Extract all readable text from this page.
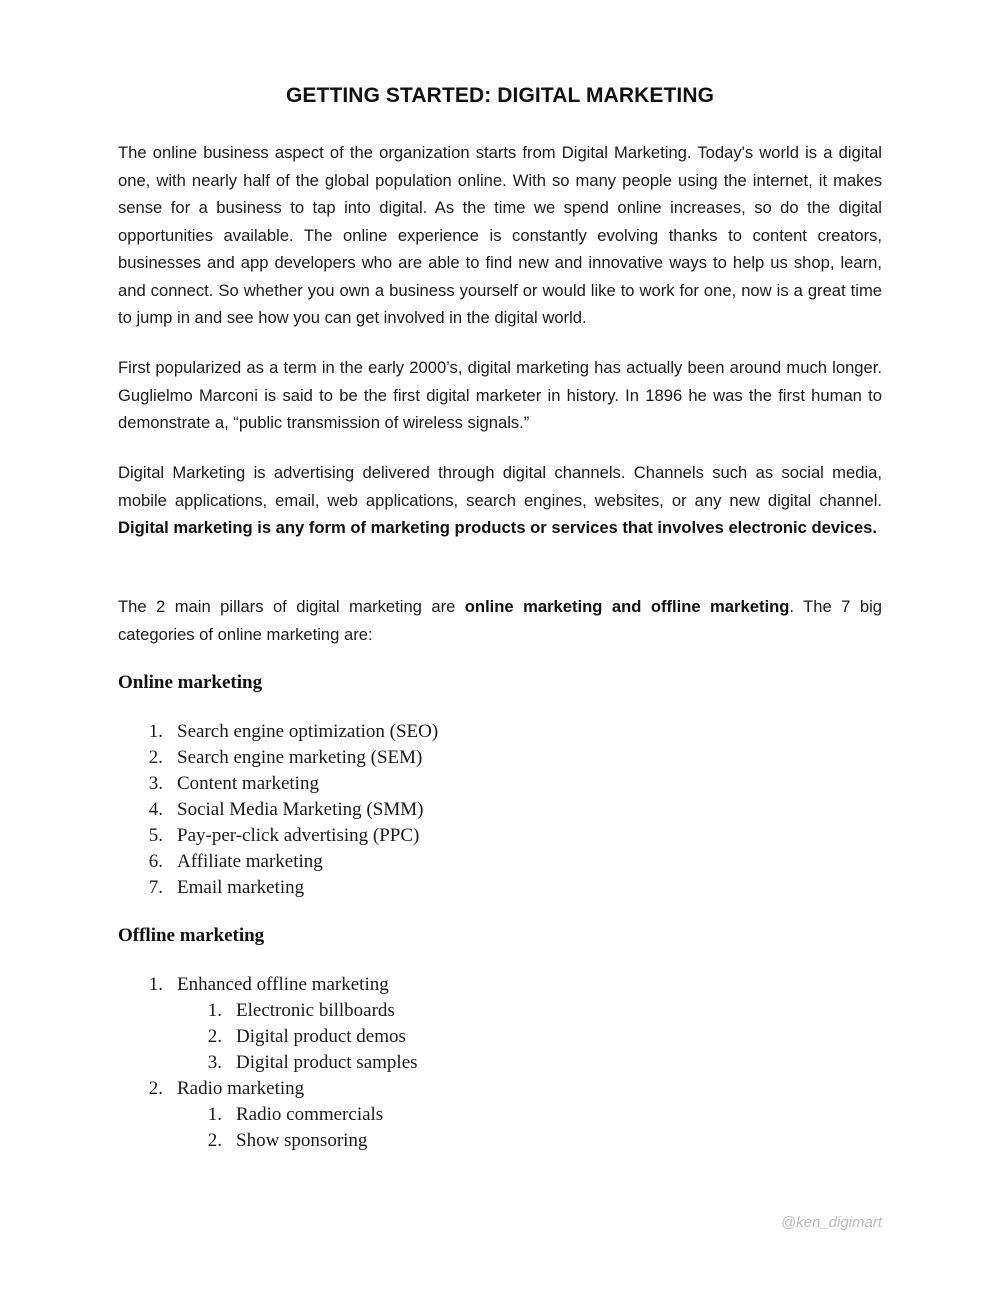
GETTING STARTED: DIGITAL MARKETING

The online business aspect of the organization starts from Digital Marketing. Today's world is a digital one, with nearly half of the global population online. With so many people using the internet, it makes sense for a business to tap into digital. As the time we spend online increases, so do the digital opportunities available. The online experience is constantly evolving thanks to content creators, businesses and app developers who are able to find new and innovative ways to help us shop, learn, and connect. So whether you own a business yourself or would like to work for one, now is a great time to jump in and see how you can get involved in the digital world.

First popularized as a term in the early 2000’s, digital marketing has actually been around much longer. Guglielmo Marconi is said to be the first digital marketer in history. In 1896 he was the first human to demonstrate a, “public transmission of wireless signals.”

Digital Marketing is advertising delivered through digital channels. Channels such as social media, mobile applications, email, web applications, search engines, websites, or any new digital channel. Digital marketing is any form of marketing products or services that involves electronic devices.

The 2 main pillars of digital marketing are online marketing and offline marketing. The 7 big categories of online marketing are:

Online marketing
1. Search engine optimization (SEO)
2. Search engine marketing (SEM)
3. Content marketing
4. Social Media Marketing (SMM)
5. Pay-per-click advertising (PPC)
6. Affiliate marketing
7. Email marketing
Offline marketing
1. Enhanced offline marketing
1. Electronic billboards
2. Digital product demos
3. Digital product samples
2. Radio marketing
1. Radio commercials
2. Show sponsoring
@ken_digimart
